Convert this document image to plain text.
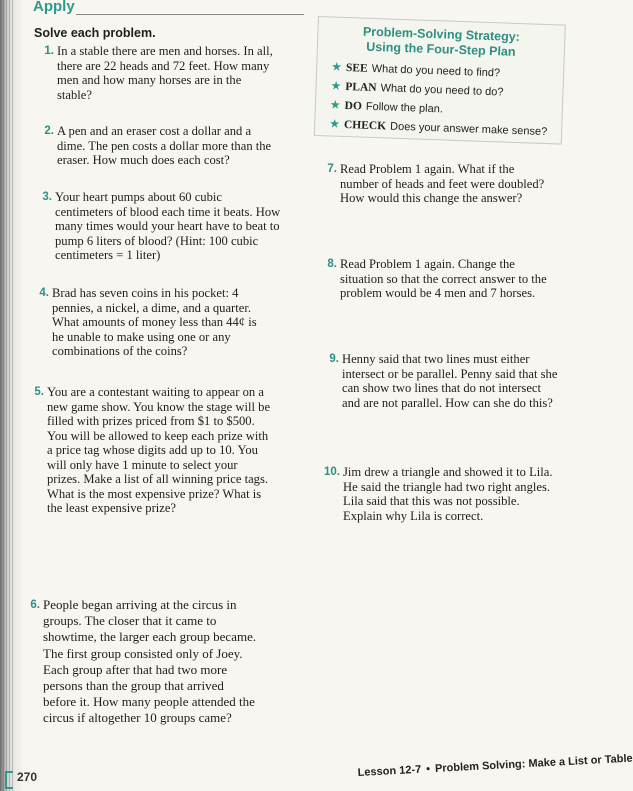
Apply
Solve each problem.	Problem-Solving Strategy:
Using the Four-Step Plan
★ SEE What do you need to find?
★ PLAN What do you need to do?
★ DO Follow the plan.
★ CHECK Does your answer make sense?
1. In a stable there are men and horses. In all, there are 22 heads and 72 feet. How many men and how many horses are in the stable?
2. A pen and an eraser cost a dollar and a dime. The pen costs a dollar more than the eraser. How much does each cost?
3. Your heart pumps about 60 cubic centimeters of blood each time it beats. How many times would your heart have to beat to pump 6 liters of blood? (Hint: 100 cubic centimeters = 1 liter)
4. Brad has seven coins in his pocket: 4 pennies, a nickel, a dime, and a quarter. What amounts of money less than 44¢ is he unable to make using one or any combinations of the coins?
5. You are a contestant waiting to appear on a new game show. You know the stage will be filled with prizes priced from $1 to $500. You will be allowed to keep each prize with a price tag whose digits add up to 10. You will only have 1 minute to select your prizes. Make a list of all winning price tags. What is the most expensive prize? What is the least expensive prize?
6. People began arriving at the circus in groups. The closer that it came to showtime, the larger each group became. The first group consisted only of Joey. Each group after that had two more persons than the group that arrived before it. How many people attended the circus if altogether 10 groups came?
7. Read Problem 1 again. What if the number of heads and feet were doubled? How would this change the answer?
8. Read Problem 1 again. Change the situation so that the correct answer to the problem would be 4 men and 7 horses.
9. Henny said that two lines must either intersect or be parallel. Penny said that she can show two lines that do not intersect and are not parallel. How can she do this?
10. Jim drew a triangle and showed it to Lila. He said the triangle had two right angles. Lila said that this was not possible. Explain why Lila is correct.
270	Lesson 12-7 • Problem Solving: Make a List or Table
